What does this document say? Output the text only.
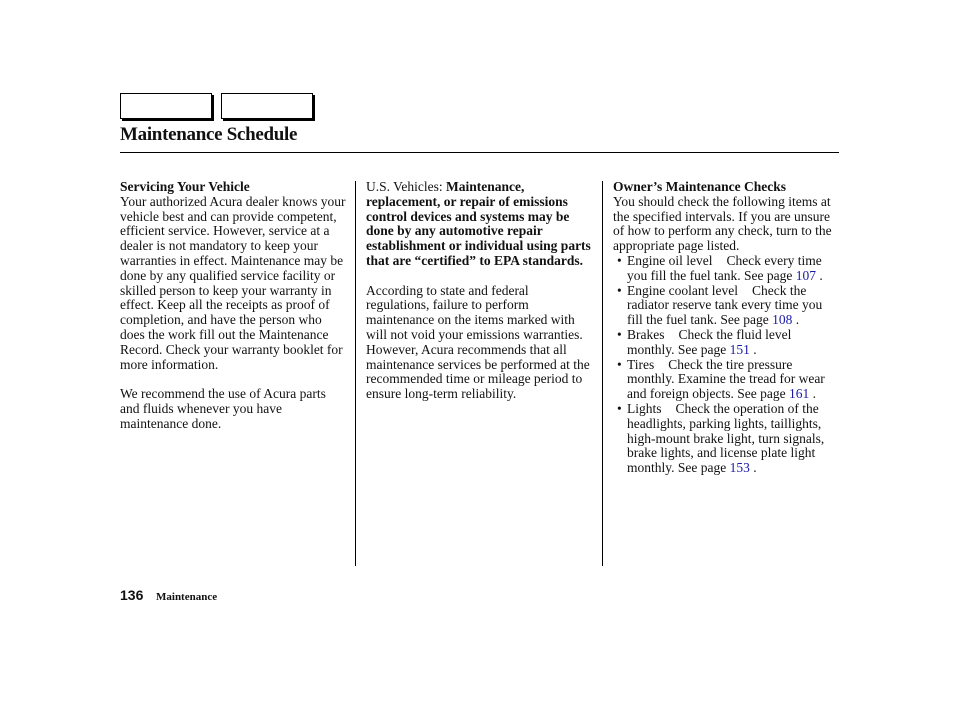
Maintenance Schedule

Servicing Your Vehicle

Your authorized Acura dealer knows your vehicle best and can provide competent, efficient service. However, service at a dealer is not mandatory to keep your warranties in effect. Maintenance may be done by any qualified service facility or skilled person to keep your warranty in effect. Keep all the receipts as proof of completion, and have the person who does the work fill out the Maintenance Record. Check your warranty booklet for more information.

We recommend the use of Acura parts and fluids whenever you have maintenance done.

U.S. Vehicles: Maintenance, replacement, or repair of emissions control devices and systems may be done by any automotive repair establishment or individual using parts that are “certified” to EPA standards.

According to state and federal regulations, failure to perform maintenance on the items marked withwill not void your emissions warranties. However, Acura recommends that all maintenance services be performed at the recommended time or mileage period to ensure long-term reliability.

Owner’s Maintenance Checks

You should check the following items at the specified intervals. If you are unsure of how to perform any check, turn to the appropriate page listed.

• Engine oil level Check every time you fill the fuel tank. See page 107 .
• Engine coolant level Check the radiator reserve tank every time you fill the fuel tank. See page 108 .
• Brakes Check the fluid level monthly. See page 151 .
• Tires Check the tire pressure monthly. Examine the tread for wear and foreign objects. See page 161 .
• Lights Check the operation of the headlights, parking lights, taillights, high-mount brake light, turn signals, brake lights, and license plate light monthly. See page 153 .
136 Maintenance
